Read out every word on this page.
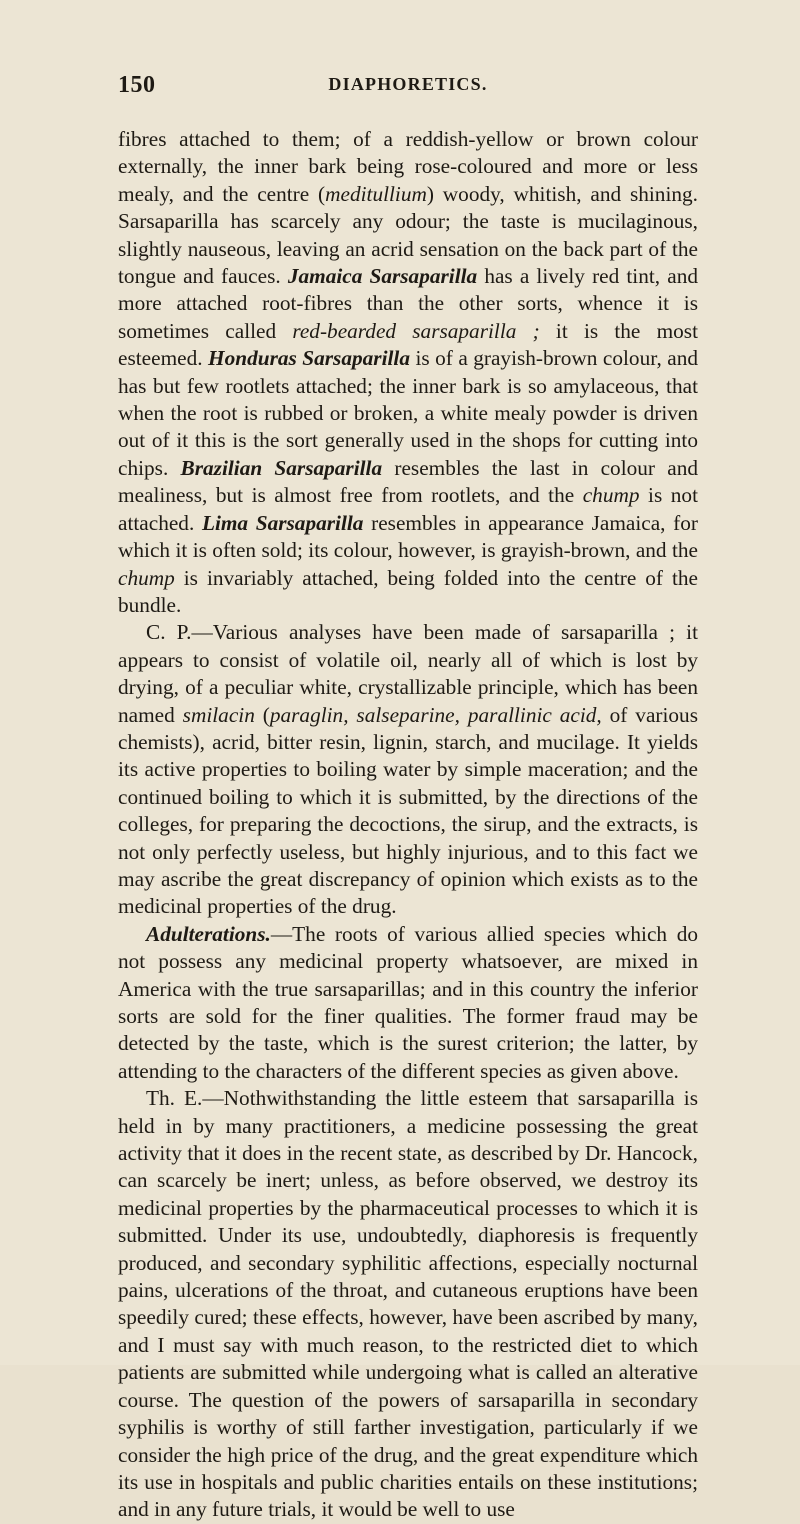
150	DIAPHORETICS.

fibres attached to them; of a reddish-yellow or brown colour externally, the inner bark being rose-coloured and more or less mealy, and the centre (meditullium) woody, whitish, and shining. Sarsaparilla has scarcely any odour; the taste is mucilaginous, slightly nauseous, leaving an acrid sensation on the back part of the tongue and fauces. Jamaica Sarsaparilla has a lively red tint, and more attached root-fibres than the other sorts, whence it is sometimes called red-bearded sarsaparilla ; it is the most esteemed. Honduras Sarsaparilla is of a grayish-brown colour, and has but few rootlets attached; the inner bark is so amylaceous, that when the root is rubbed or broken, a white mealy powder is driven out of it this is the sort generally used in the shops for cutting into chips. Brazilian Sarsaparilla resembles the last in colour and mealiness, but is almost free from rootlets, and the chump is not attached. Lima Sarsaparilla resembles in appearance Jamaica, for which it is often sold; its colour, however, is grayish-brown, and the chump is invariably attached, being folded into the centre of the bundle.

C. P.—Various analyses have been made of sarsaparilla ; it appears to consist of volatile oil, nearly all of which is lost by drying, of a peculiar white, crystallizable principle, which has been named smilacin (paraglin, salseparine, parallinic acid, of various chemists), acrid, bitter resin, lignin, starch, and mucilage. It yields its active properties to boiling water by simple maceration; and the continued boiling to which it is submitted, by the directions of the colleges, for preparing the decoctions, the sirup, and the extracts, is not only perfectly useless, but highly injurious, and to this fact we may ascribe the great discrepancy of opinion which exists as to the medicinal properties of the drug.

Adulterations.—The roots of various allied species which do not possess any medicinal property whatsoever, are mixed in America with the true sarsaparillas; and in this country the inferior sorts are sold for the finer qualities. The former fraud may be detected by the taste, which is the surest criterion; the latter, by attending to the characters of the different species as given above.

Th. E.—Nothwithstanding the little esteem that sarsaparilla is held in by many practitioners, a medicine possessing the great activity that it does in the recent state, as described by Dr. Hancock, can scarcely be inert; unless, as before observed, we destroy its medicinal properties by the pharmaceutical processes to which it is submitted. Under its use, undoubtedly, diaphoresis is frequently produced, and secondary syphilitic affections, especially nocturnal pains, ulcerations of the throat, and cutaneous eruptions have been speedily cured; these effects, however, have been ascribed by many, and I must say with much reason, to the restricted diet to which patients are submitted while undergoing what is called an alterative course. The question of the powers of sarsaparilla in secondary syphilis is worthy of still farther investigation, particularly if we consider the high price of the drug, and the great expenditure which its use in hospitals and public charities entails on these institutions; and in any future trials, it would be well to use
